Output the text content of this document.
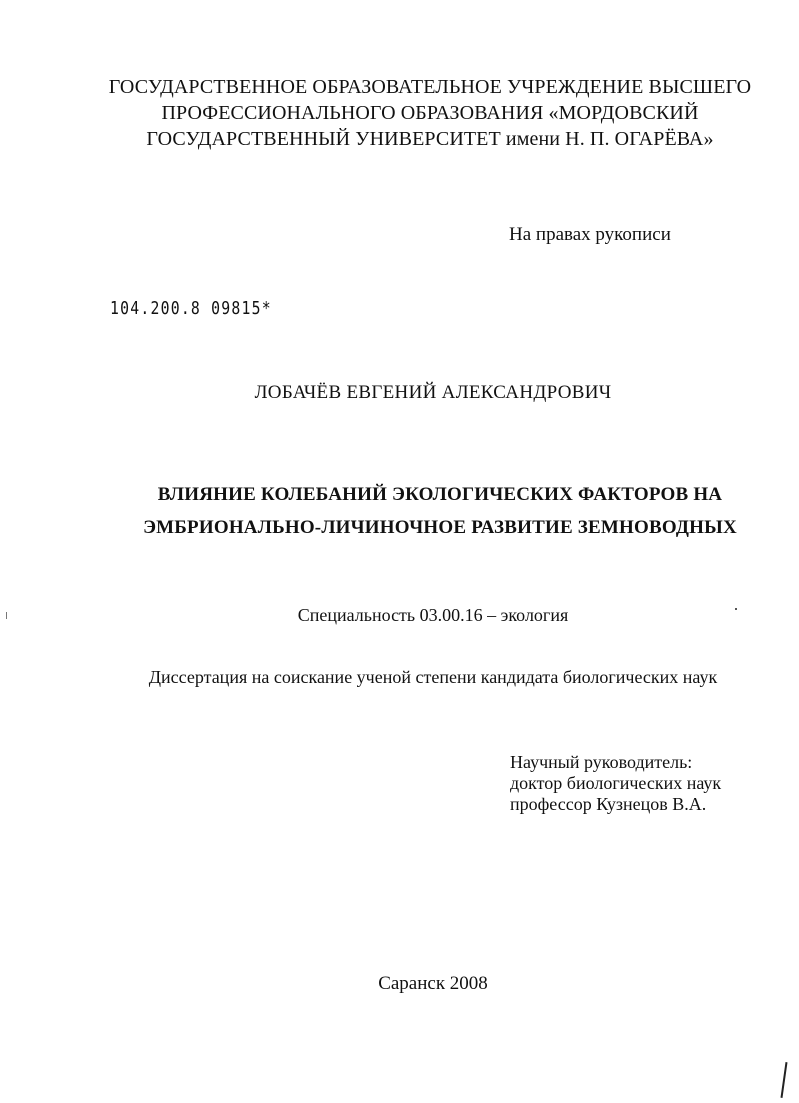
ГОСУДАРСТВЕННОЕ ОБРАЗОВАТЕЛЬНОЕ УЧРЕЖДЕНИЕ ВЫСШЕГО
ПРОФЕССИОНАЛЬНОГО ОБРАЗОВАНИЯ «МОРДОВСКИЙ
ГОСУДАРСТВЕННЫЙ УНИВЕРСИТЕТ имени Н. П. ОГАРЁВА»
На правах рукописи
104.200.8 09815*
ЛОБАЧЁВ ЕВГЕНИЙ АЛЕКСАНДРОВИЧ
ВЛИЯНИЕ КОЛЕБАНИЙ ЭКОЛОГИЧЕСКИХ ФАКТОРОВ НА
ЭМБРИОНАЛЬНО-ЛИЧИНОЧНОЕ РАЗВИТИЕ ЗЕМНОВОДНЫХ
Специальность 03.00.16 – экология
Диссертация на соискание ученой степени кандидата биологических наук
Научный руководитель:
доктор биологических наук
профессор Кузнецов В.А.
Саранск 2008
